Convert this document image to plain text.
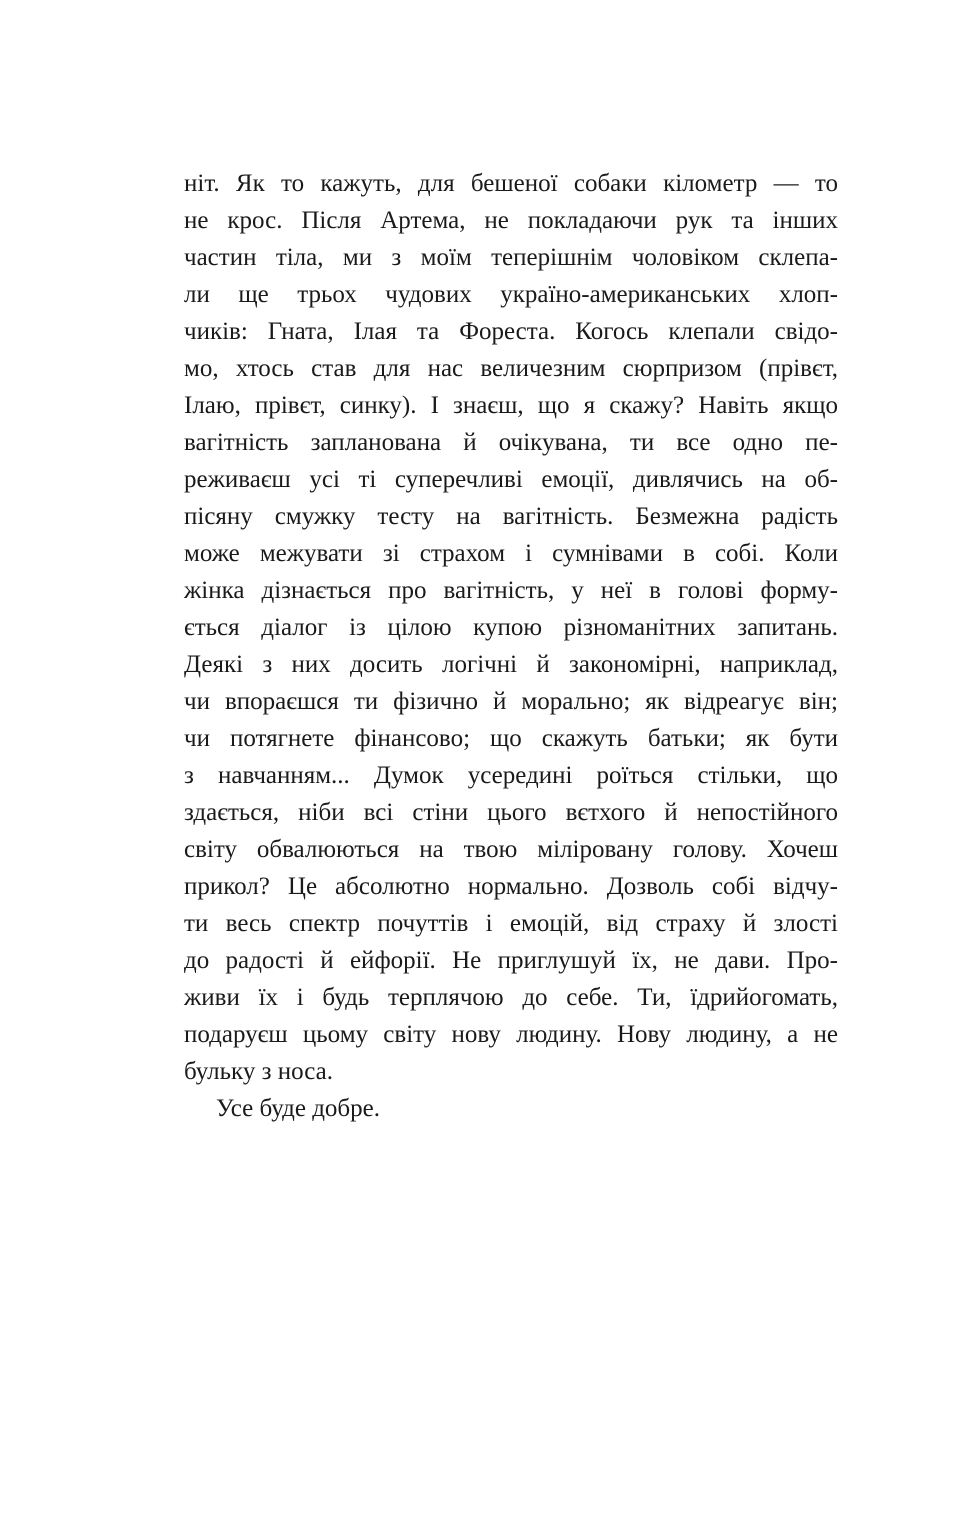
ніт. Як то кажуть, для бешеної собаки кілометр — то
не крос. Після Артема, не покладаючи рук та інших
частин тіла, ми з моїм теперішнім чоловіком склепа-
ли ще трьох чудових україно-американських хлоп-
чиків: Гната, Ілая та Фореста. Когось клепали свідо-
мо, хтось став для нас величезним сюрпризом (прівєт,
Ілаю, прівєт, синку). І знаєш, що я скажу? Навіть якщо
вагітність запланована й очікувана, ти все одно пе-
реживаєш усі ті суперечливі емоції, дивлячись на об-
пісяну смужку тесту на вагітність. Безмежна радість
може межувати зі страхом і сумнівами в собі. Коли
жінка дізнається про вагітність, у неї в голові форму-
ється діалог із цілою купою різноманітних запитань.
Деякі з них досить логічні й закономірні, наприклад,
чи впораєшся ти фізично й морально; як відреагує він;
чи потягнете фінансово; що скажуть батьки; як бути
з навчанням... Думок усередині роїться стільки, що
здається, ніби всі стіни цього вєтхого й непостійного
світу обвалюються на твою міліровану голову. Хочеш
прикол? Це абсолютно нормально. Дозволь собі відчу-
ти весь спектр почуттів і емоцій, від страху й злості
до радості й ейфорії. Не приглушуй їх, не дави. Про-
живи їх і будь терплячою до себе. Ти, їдрийогомать,
подаруєш цьому світу нову людину. Нову людину, а не
бульку з носа.
Усе буде добре.
